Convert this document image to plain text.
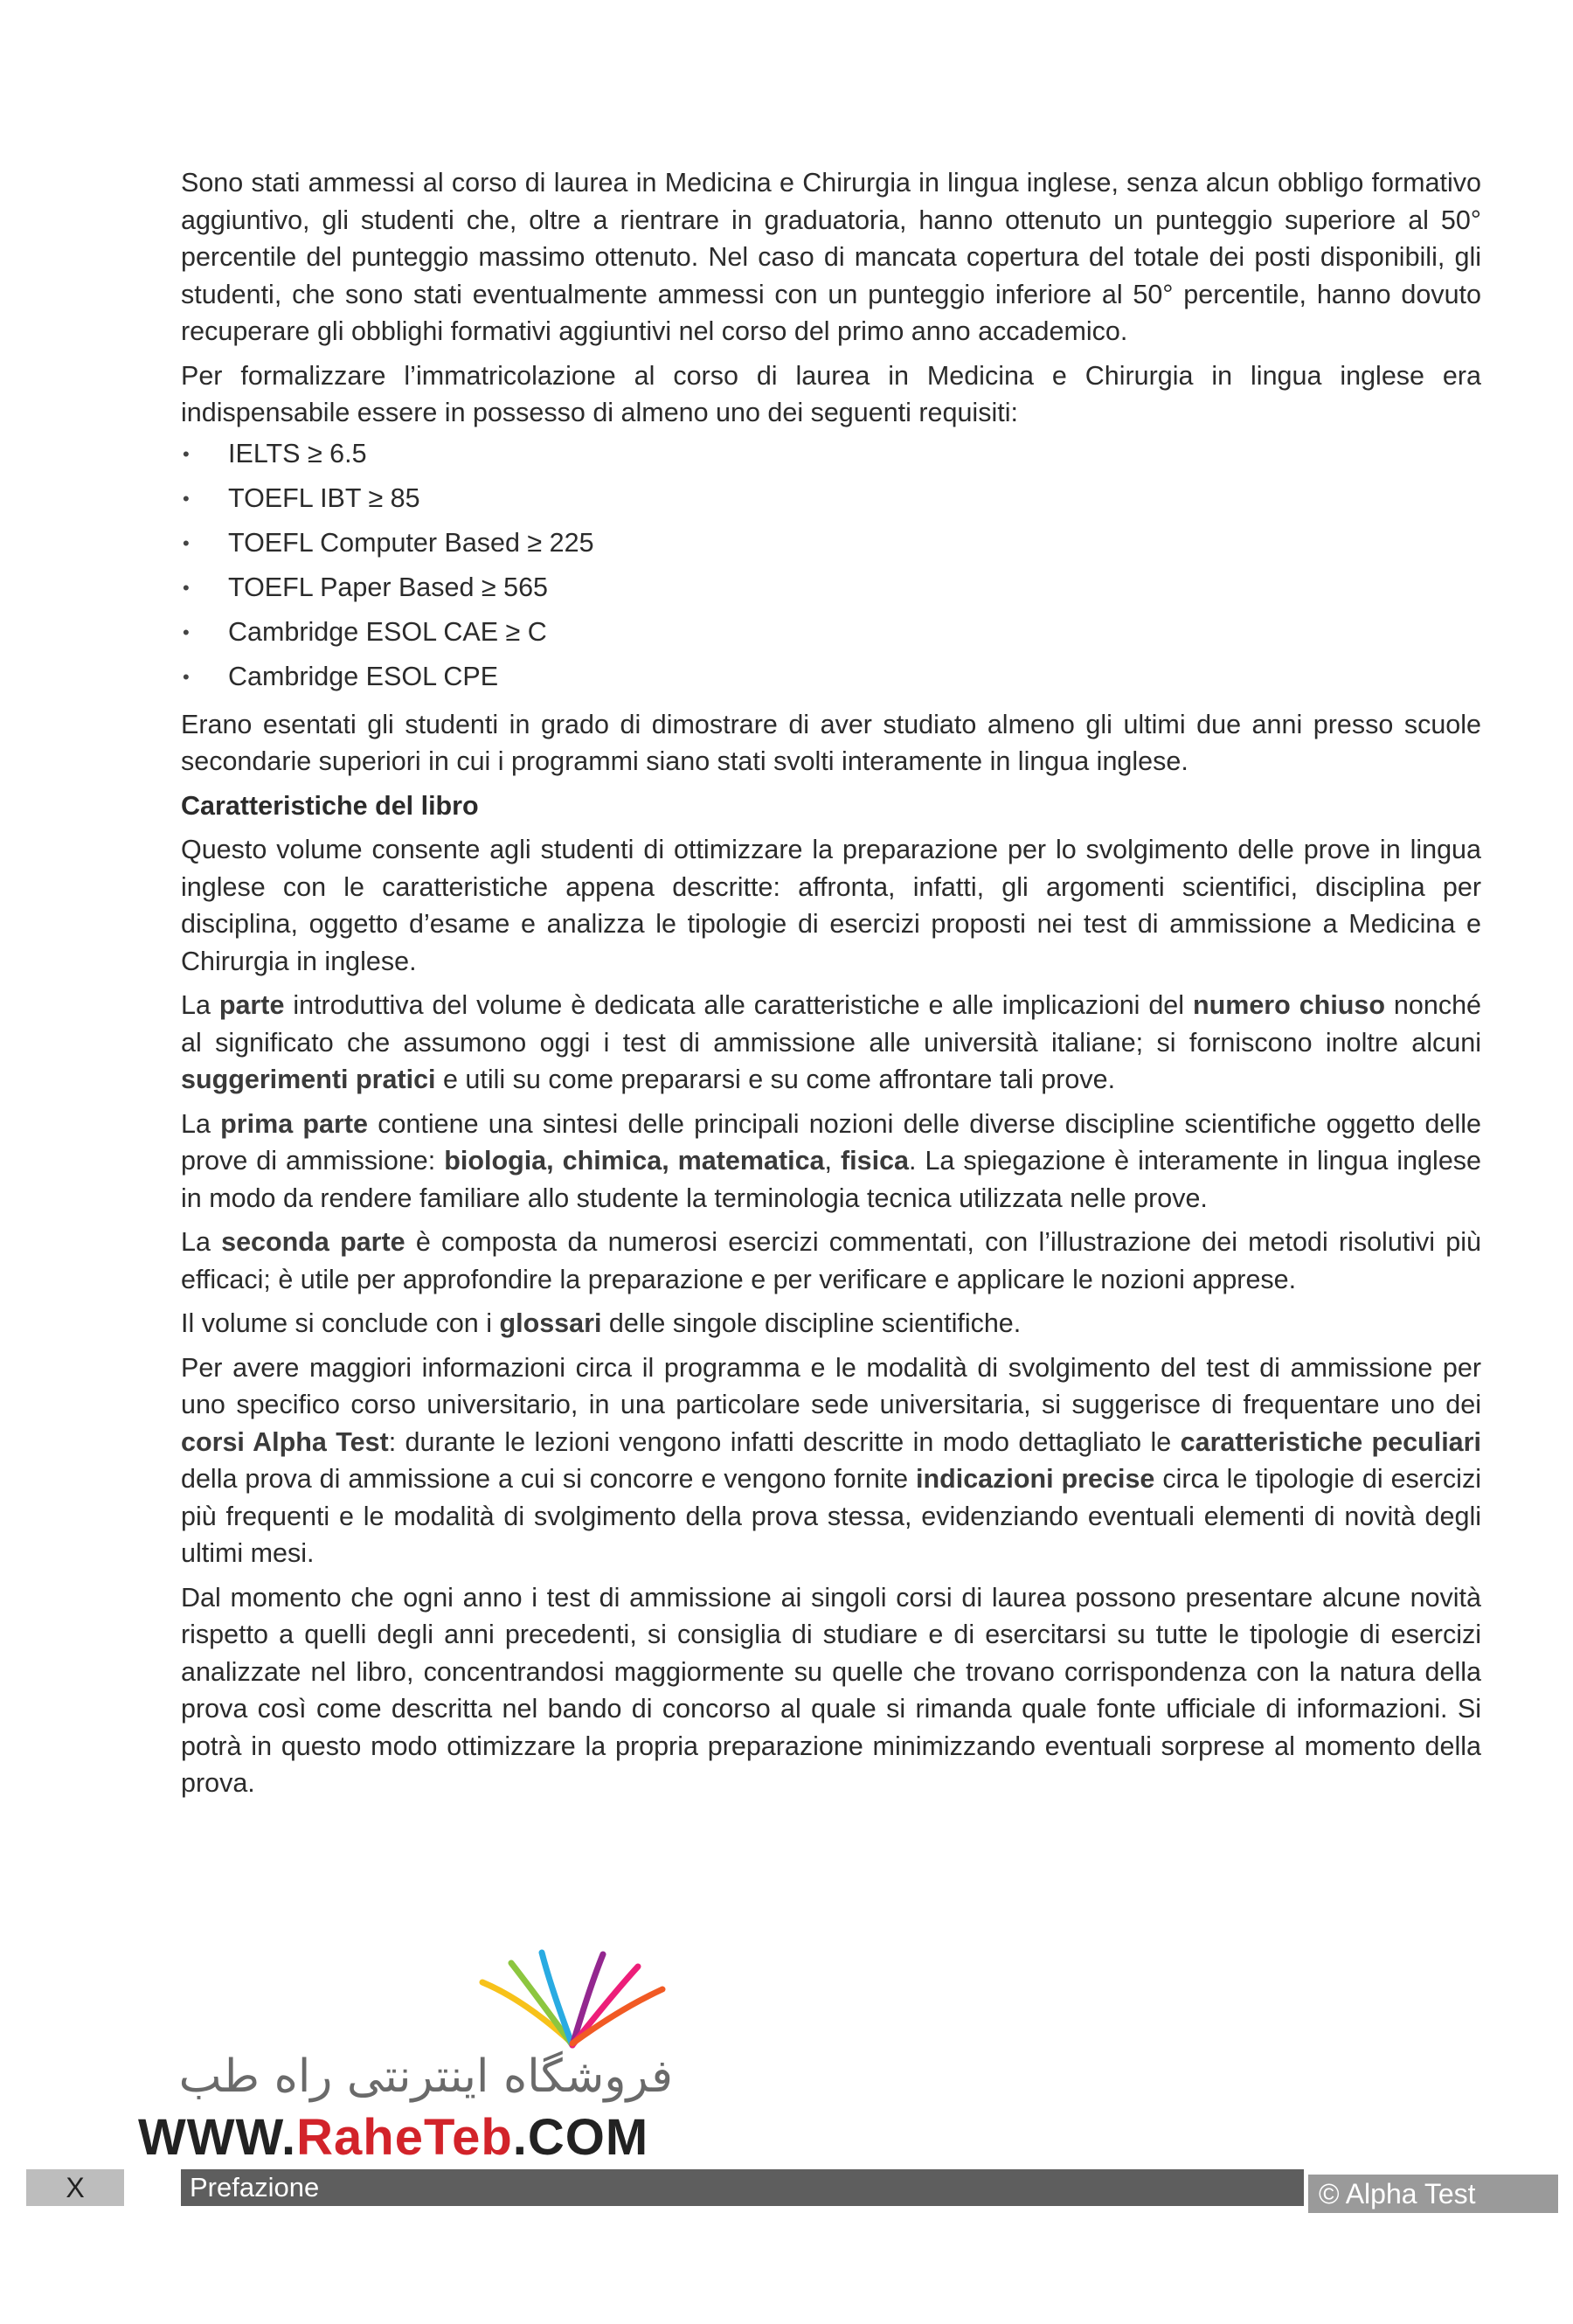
Sono stati ammessi al corso di laurea in Medicina e Chirurgia in lingua inglese, senza alcun obbligo formativo aggiuntivo, gli studenti che, oltre a rientrare in graduatoria, hanno ottenuto un punteggio superiore al 50° percentile del punteggio massimo ottenuto. Nel caso di mancata copertura del totale dei posti disponibili, gli studenti, che sono stati eventualmente ammessi con un punteggio inferiore al 50° percentile, hanno dovuto recuperare gli obblighi formativi aggiuntivi nel corso del primo anno accademico.

Per formalizzare l’immatricolazione al corso di laurea in Medicina e Chirurgia in lingua inglese era indispensabile essere in possesso di almeno uno dei seguenti requisiti:

• IELTS ≥ 6.5
• TOEFL IBT ≥ 85
• TOEFL Computer Based ≥ 225
• TOEFL Paper Based ≥ 565
• Cambridge ESOL CAE ≥ C
• Cambridge ESOL CPE

Erano esentati gli studenti in grado di dimostrare di aver studiato almeno gli ultimi due anni presso scuole secondarie superiori in cui i programmi siano stati svolti interamente in lingua inglese.

Caratteristiche del libro

Questo volume consente agli studenti di ottimizzare la preparazione per lo svolgimento delle prove in lingua inglese con le caratteristiche appena descritte: affronta, infatti, gli argomenti scientifici, disciplina per disciplina, oggetto d’esame e analizza le tipologie di esercizi proposti nei test di ammissione a Medicina e Chirurgia in inglese.

La parte introduttiva del volume è dedicata alle caratteristiche e alle implicazioni del numero chiuso nonché al significato che assumono oggi i test di ammissione alle università italiane; si forniscono inoltre alcuni suggerimenti pratici e utili su come prepararsi e su come affrontare tali prove.

La prima parte contiene una sintesi delle principali nozioni delle diverse discipline scientifiche oggetto delle prove di ammissione: biologia, chimica, matematica, fisica. La spiegazione è interamente in lingua inglese in modo da rendere familiare allo studente la terminologia tecnica utilizzata nelle prove.

La seconda parte è composta da numerosi esercizi commentati, con l’illustrazione dei metodi risolutivi più efficaci; è utile per approfondire la preparazione e per verificare e applicare le nozioni apprese.

Il volume si conclude con i glossari delle singole discipline scientifiche.

Per avere maggiori informazioni circa il programma e le modalità di svolgimento del test di ammissione per uno specifico corso universitario, in una particolare sede universitaria, si suggerisce di frequentare uno dei corsi Alpha Test: durante le lezioni vengono infatti descritte in modo dettagliato le caratteristiche peculiari della prova di ammissione a cui si concorre e vengono fornite indicazioni precise circa le tipologie di esercizi più frequenti e le modalità di svolgimento della prova stessa, evidenziando eventuali elementi di novità degli ultimi mesi.

Dal momento che ogni anno i test di ammissione ai singoli corsi di laurea possono presentare alcune novità rispetto a quelli degli anni precedenti, si consiglia di studiare e di esercitarsi su tutte le tipologie di esercizi analizzate nel libro, concentrandosi maggiormente su quelle che trovano corrispondenza con la natura della prova così come descritta nel bando di concorso al quale si rimanda quale fonte ufficiale di informazioni. Si potrà in questo modo ottimizzare la propria preparazione minimizzando eventuali sorprese al momento della prova.

فروشگاه اینترنتی راه طب
WWW.RaheTeb.COM
X	Prefazione	© Alpha Test
